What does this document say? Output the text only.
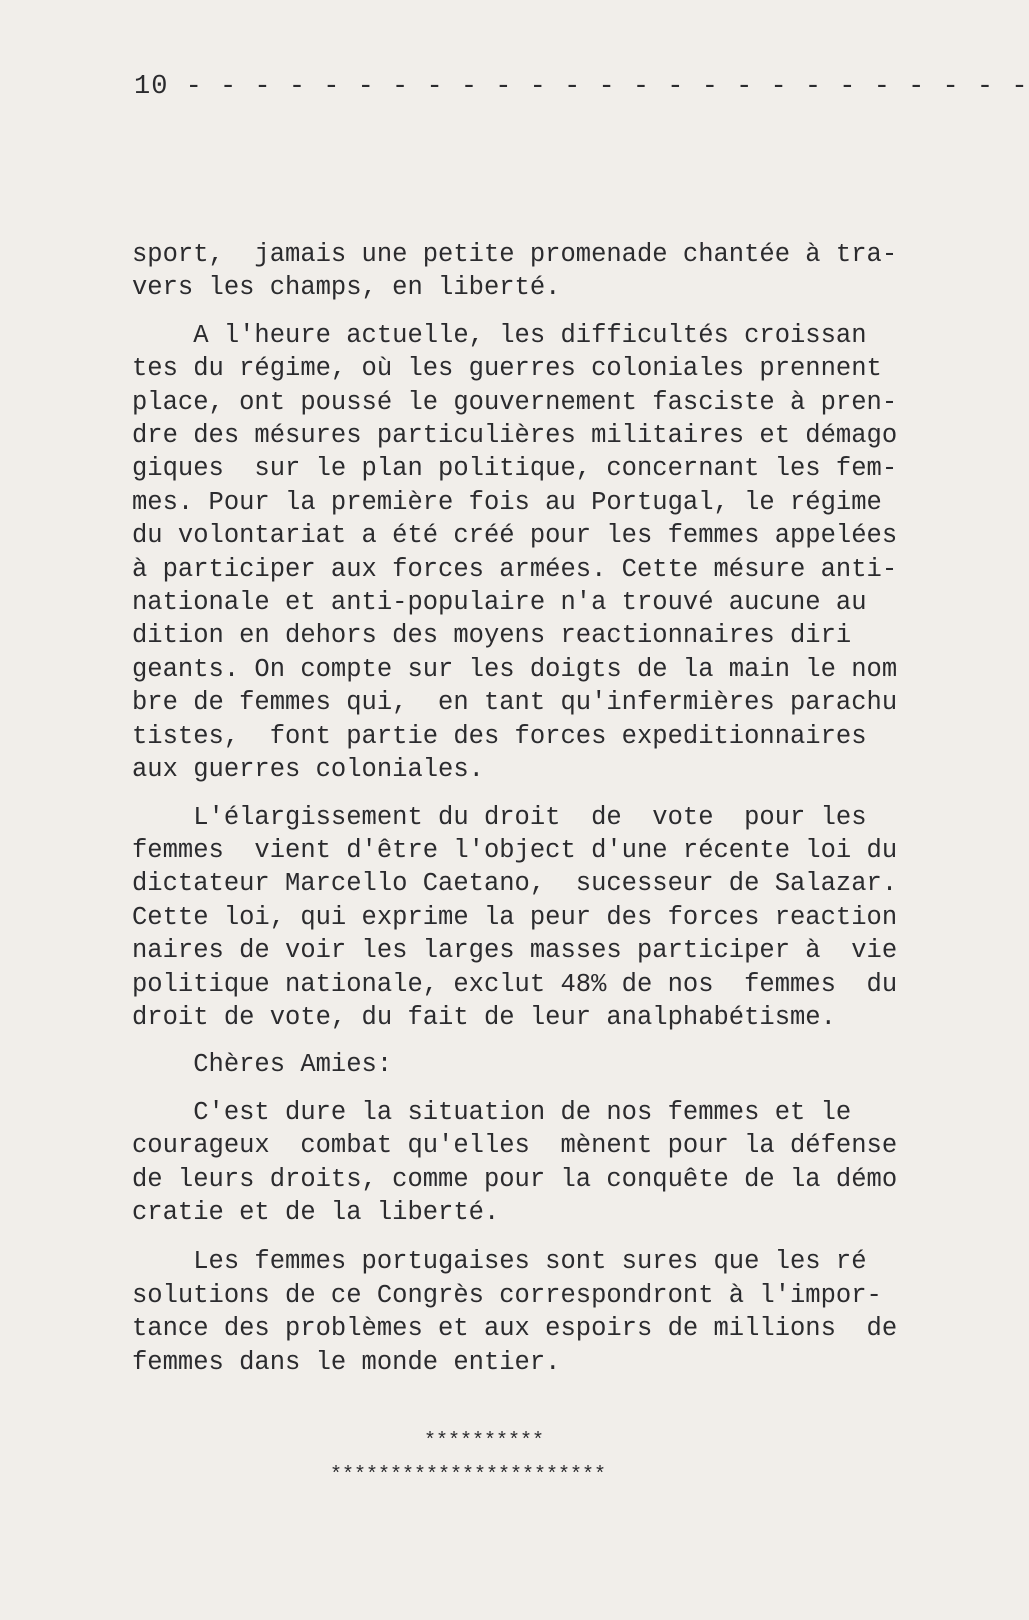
10 - - - - - - - - - - - - - - - - - - - - - - - - -
sport,  jamais une petite promenade chantée à tra-
vers les champs, en liberté.
A l'heure actuelle, les difficultés croissan
tes du régime, où les guerres coloniales prennent
place, ont poussé le gouvernement fasciste à pren-
dre des mésures particulières militaires et démago
giques  sur le plan politique, concernant les fem-
mes. Pour la première fois au Portugal, le régime
du volontariat a été créé pour les femmes appelées
à participer aux forces armées. Cette mésure anti-
nationale et anti-populaire n'a trouvé aucune au
dition en dehors des moyens reactionnaires diri
geants. On compte sur les doigts de la main le nom
bre de femmes qui,  en tant qu'infermières parachu
tistes,  font partie des forces expeditionnaires
aux guerres coloniales.
L'élargissement du droit  de  vote  pour les
femmes  vient d'être l'object d'une récente loi du
dictateur Marcello Caetano,  sucesseur de Salazar.
Cette loi, qui exprime la peur des forces reaction
naires de voir les larges masses participer à  vie
politique nationale, exclut 48% de nos  femmes  du
droit de vote, du fait de leur analphabétisme.
Chères Amies:
C'est dure la situation de nos femmes et le
courageux  combat qu'elles  mènent pour la défense
de leurs droits, comme pour la conquête de la démo
cratie et de la liberté.
Les femmes portugaises sont sures que les ré
solutions de ce Congrès correspondront à l'impor-
tance des problèmes et aux espoirs de millions  de
femmes dans le monde entier.
**********
***********************
